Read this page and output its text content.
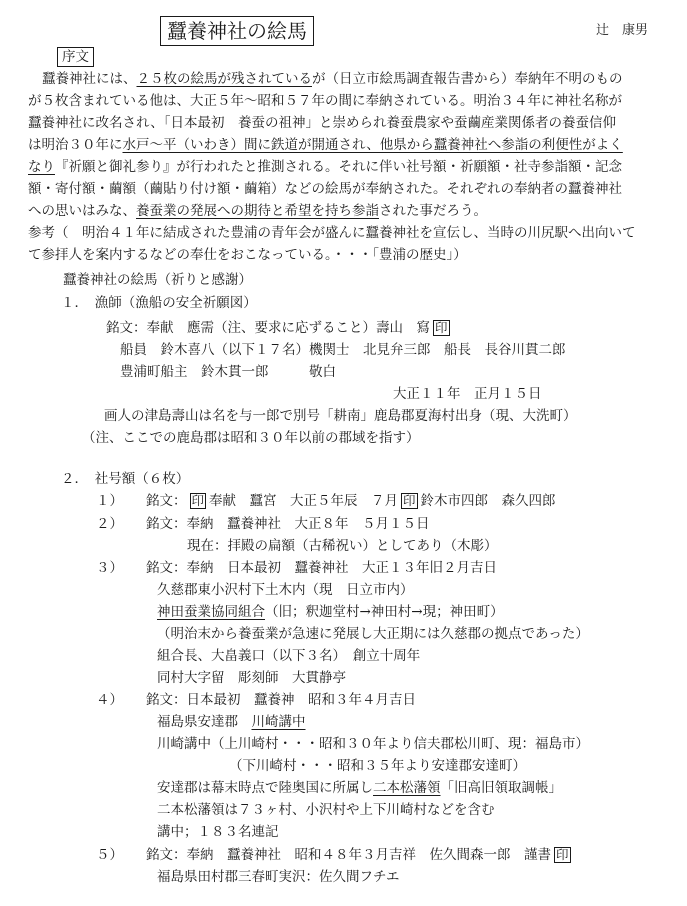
蠶養神社の絵馬	辻　康男
序文
蠶養神社には、２５枚の絵馬が残されているが（日立市絵馬調査報告書から）奉納年不明のもの
が５枚含まれている他は、大正５年〜昭和５７年の間に奉納されている。明治３４年に神社名称が
蠶養神社に改名され、「日本最初　養蚕の祖神」と崇められ養蚕農家や蚕繭産業関係者の養蚕信仰
は明治３０年に水戸〜平（いわき）間に鉄道が開通され、他県から蠶養神社へ参詣の利便性がよく
なり『祈願と御礼参り』が行われたと推測される。それに伴い社号額・祈願額・社寺参詣額・記念
額・寄付額・繭額（繭貼り付け額・繭箱）などの絵馬が奉納された。それぞれの奉納者の蠶養神社
への思いはみな、養蚕業の発展への期待と希望を持ち参詣された事だろう。
参考（　明治４１年に結成された豊浦の青年会が盛んに蠶養神社を宣伝し、当時の川尻駅へ出向いて
て参拝人を案内するなどの奉仕をおこなっている。・・・「豊浦の歴史」）
蠶養神社の絵馬（祈りと感謝）
１．　漁師（漁船の安全祈願図）
銘文：奉献　應需（注、要求に応ずること）壽山　寫 印
船員　鈴木喜八（以下１７名）機関士　北見弁三郎　船長　長谷川貫二郎
豊浦町船主　鈴木貫一郎　　　敬白
大正１１年　正月１５日
画人の津島壽山は名を与一郎で別号「耕南」鹿島郡夏海村出身（現、大洗町）
（注、ここでの鹿島郡は昭和３０年以前の郡域を指す）
２．　社号額（６枚）
１） 銘文： 印 奉献　蠶宮　大正５年辰　７月 印 鈴木市四郎　森久四郎
２） 銘文：奉納　蠶養神社　大正８年　５月１５日
現在：拝殿の扁額（古稀祝い）としてあり（木彫）
３） 銘文：奉納　日本最初　蠶養神社　大正１３年旧２月吉日
久慈郡東小沢村下土木内（現　日立市内）
神田蚕業協同組合（旧；釈迦堂村→神田村→現；神田町）
（明治末から養蚕業が急速に発展し大正期には久慈郡の拠点であった）
組合長、大畠義口（以下３名）　創立十周年
同村大字留　彫刻師　大貫静亭
４） 銘文：日本最初　蠶養神　昭和３年４月吉日
福島県安達郡　川崎講中
川崎講中（上川崎村・・・昭和３０年より信夫郡松川町、現：福島市）
（下川崎村・・・昭和３５年より安達郡安達町）
安達郡は幕末時点で陸奥国に所属し二本松藩領「旧高旧領取調帳」
二本松藩領は７３ヶ村、小沢村や上下川崎村などを含む
講中；１８３名連記
５） 銘文：奉納　蠶養神社　昭和４８年３月吉祥　佐久間森一郎　謹書 印
福島県田村郡三春町実沢：佐久間フチエ
